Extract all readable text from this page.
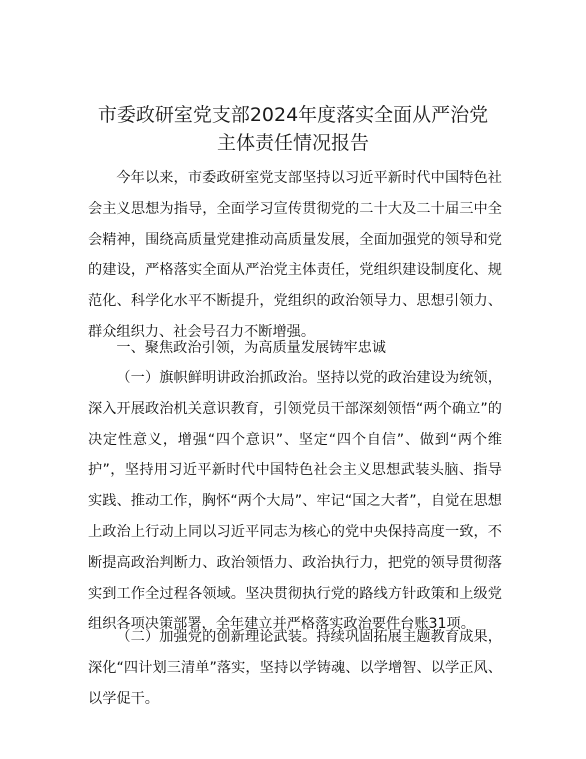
市委政研室党支部2024年度落实全面从严治党
主体责任情况报告

今年以来，市委政研室党支部坚持以习近平新时代中国特色社会主义思想为指导，全面学习宣传贯彻党的二十大及二十届三中全会精神，围绕高质量党建推动高质量发展，全面加强党的领导和党的建设，严格落实全面从严治党主体责任，党组织建设制度化、规范化、科学化水平不断提升，党组织的政治领导力、思想引领力、群众组织力、社会号召力不断增强。

一、聚焦政治引领，为高质量发展铸牢忠诚

（一）旗帜鲜明讲政治抓政治。坚持以党的政治建设为统领，深入开展政治机关意识教育，引领党员干部深刻领悟“两个确立”的决定性意义，增强“四个意识”、坚定“四个自信”、做到“两个维护”，坚持用习近平新时代中国特色社会主义思想武装头脑、指导实践、推动工作，胸怀“两个大局”、牢记“国之大者”，自觉在思想上政治上行动上同以习近平同志为核心的党中央保持高度一致，不断提高政治判断力、政治领悟力、政治执行力，把党的领导贯彻落实到工作全过程各领域。坚决贯彻执行党的路线方针政策和上级党组织各项决策部署，全年建立并严格落实政治要件台账31项。

（二）加强党的创新理论武装。持续巩固拓展主题教育成果，深化“四计划三清单”落实，坚持以学铸魂、以学增智、以学正风、以学促干。
